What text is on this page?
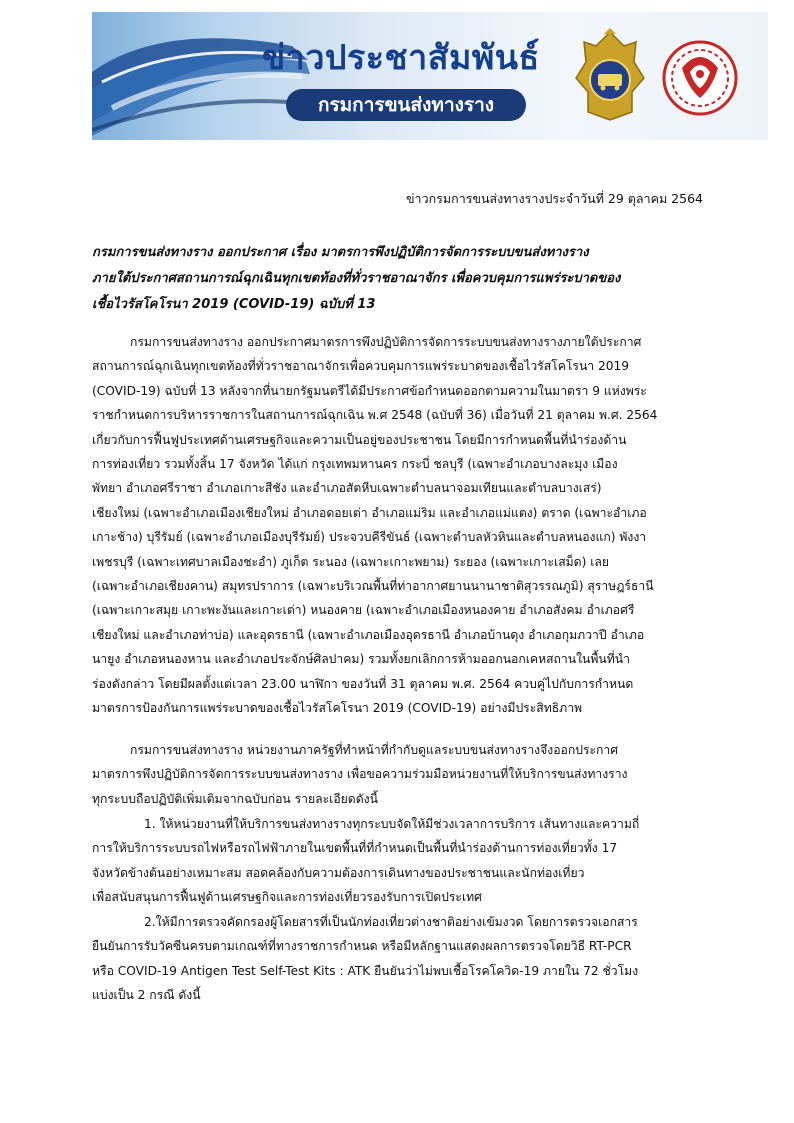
ข่าวประชาสัมพันธ์
กรมการขนส่งทางราง
ข่าวกรมการขนส่งทางรางประจำวันที่ 29 ตุลาคม 2564
กรมการขนส่งทางราง ออกประกาศ เรื่อง มาตรการพึงปฏิบัติการจัดการระบบขนส่งทางราง
ภายใต้ประกาศสถานการณ์ฉุกเฉินทุกเขตท้องที่ทั่วราชอาณาจักร เพื่อควบคุมการแพร่ระบาดของ
เชื้อไวรัสโคโรนา 2019 (COVID-19) ฉบับที่ 13
กรมการขนส่งทางราง ออกประกาศมาตรการพึงปฏิบัติการจัดการระบบขนส่งทางรางภายใต้ประกาศ
สถานการณ์ฉุกเฉินทุกเขตท้องที่ทั่วราชอาณาจักรเพื่อควบคุมการแพร่ระบาดของเชื้อไวรัสโคโรนา 2019
(COVID-19) ฉบับที่ 13 หลังจากที่นายกรัฐมนตรีได้มีประกาศข้อกำหนดออกตามความในมาตรา 9 แห่งพระ
ราชกำหนดการบริหารราชการในสถานการณ์ฉุกเฉิน พ.ศ 2548 (ฉบับที่ 36) เมื่อวันที่ 21 ตุลาคม พ.ศ. 2564
เกี่ยวกับการฟื้นฟูประเทศด้านเศรษฐกิจและความเป็นอยู่ของประชาชน โดยมีการกำหนดพื้นที่นำร่องด้าน
การท่องเที่ยว รวมทั้งสิ้น 17 จังหวัด ได้แก่ กรุงเทพมหานคร กระบี่ ชลบุรี (เฉพาะอำเภอบางละมุง เมือง
พัทยา อำเภอศรีราชา อำเภอเกาะสีชัง และอำเภอสัตหีบเฉพาะตำบลนาจอมเทียนและตำบลบางเสร่)
เชียงใหม่ (เฉพาะอำเภอเมืองเชียงใหม่ อำเภอดอยเต่า อำเภอแม่ริม และอำเภอแม่แตง) ตราด (เฉพาะอำเภอ
เกาะช้าง) บุรีรัมย์ (เฉพาะอำเภอเมืองบุรีรัมย์) ประจวบคีรีขันธ์ (เฉพาะตำบลหัวหินและตำบลหนองแก) พังงา
เพชรบุรี (เฉพาะเทศบาลเมืองชะอำ) ภูเก็ต ระนอง (เฉพาะเกาะพยาม) ระยอง (เฉพาะเกาะเสม็ด) เลย
(เฉพาะอำเภอเชียงคาน) สมุทรปราการ (เฉพาะบริเวณพื้นที่ท่าอากาศยานนานาชาติสุวรรณภูมิ) สุราษฎร์ธานี
(เฉพาะเกาะสมุย เกาะพะงันและเกาะเต่า) หนองคาย (เฉพาะอำเภอเมืองหนองคาย อำเภอสังคม อำเภอศรี
เชียงใหม่ และอำเภอท่าบ่อ) และอุดรธานี (เฉพาะอำเภอเมืองอุดรธานี อำเภอบ้านดุง อำเภอกุมภวาปี อำเภอ
นายูง อำเภอหนองหาน และอำเภอประจักษ์ศิลปาคม) รวมทั้งยกเลิกการห้ามออกนอกเคหสถานในพื้นที่นำ
ร่องดังกล่าว โดยมีผลตั้งแต่เวลา 23.00 นาฬิกา ของวันที่ 31 ตุลาคม พ.ศ. 2564 ควบคู่ไปกับการกำหนด
มาตรการป้องกันการแพร่ระบาดของเชื้อไวรัสโคโรนา 2019 (COVID-19) อย่างมีประสิทธิภาพ
กรมการขนส่งทางราง หน่วยงานภาครัฐที่ทำหน้าที่กำกับดูแลระบบขนส่งทางรางจึงออกประกาศ
มาตรการพึงปฏิบัติการจัดการระบบขนส่งทางราง เพื่อขอความร่วมมือหน่วยงานที่ให้บริการขนส่งทางราง
ทุกระบบถือปฏิบัติเพิ่มเติมจากฉบับก่อน รายละเอียดดังนี้
1. ให้หน่วยงานที่ให้บริการขนส่งทางรางทุกระบบจัดให้มีช่วงเวลาการบริการ เส้นทางและความถี่
การให้บริการระบบรถไฟหรือรถไฟฟ้าภายในเขตพื้นที่ที่กำหนดเป็นพื้นที่นำร่องด้านการท่องเที่ยวทั้ง 17
จังหวัดข้างต้นอย่างเหมาะสม สอดคล้องกับความต้องการเดินทางของประชาชนและนักท่องเที่ยว
เพื่อสนับสนุนการฟื้นฟูด้านเศรษฐกิจและการท่องเที่ยวรองรับการเปิดประเทศ
2.ให้มีการตรวจคัดกรองผู้โดยสารที่เป็นนักท่องเที่ยวต่างชาติอย่างเข้มงวด โดยการตรวจเอกสาร
ยืนยันการรับวัคซีนครบตามเกณฑ์ที่ทางราชการกำหนด หรือมีหลักฐานแสดงผลการตรวจโดยวิธี RT-PCR
หรือ COVID-19 Antigen Test Self-Test Kits : ATK ยืนยันว่าไม่พบเชื้อโรคโควิด-19 ภายใน 72 ชั่วโมง
แบ่งเป็น 2 กรณี ดังนี้
